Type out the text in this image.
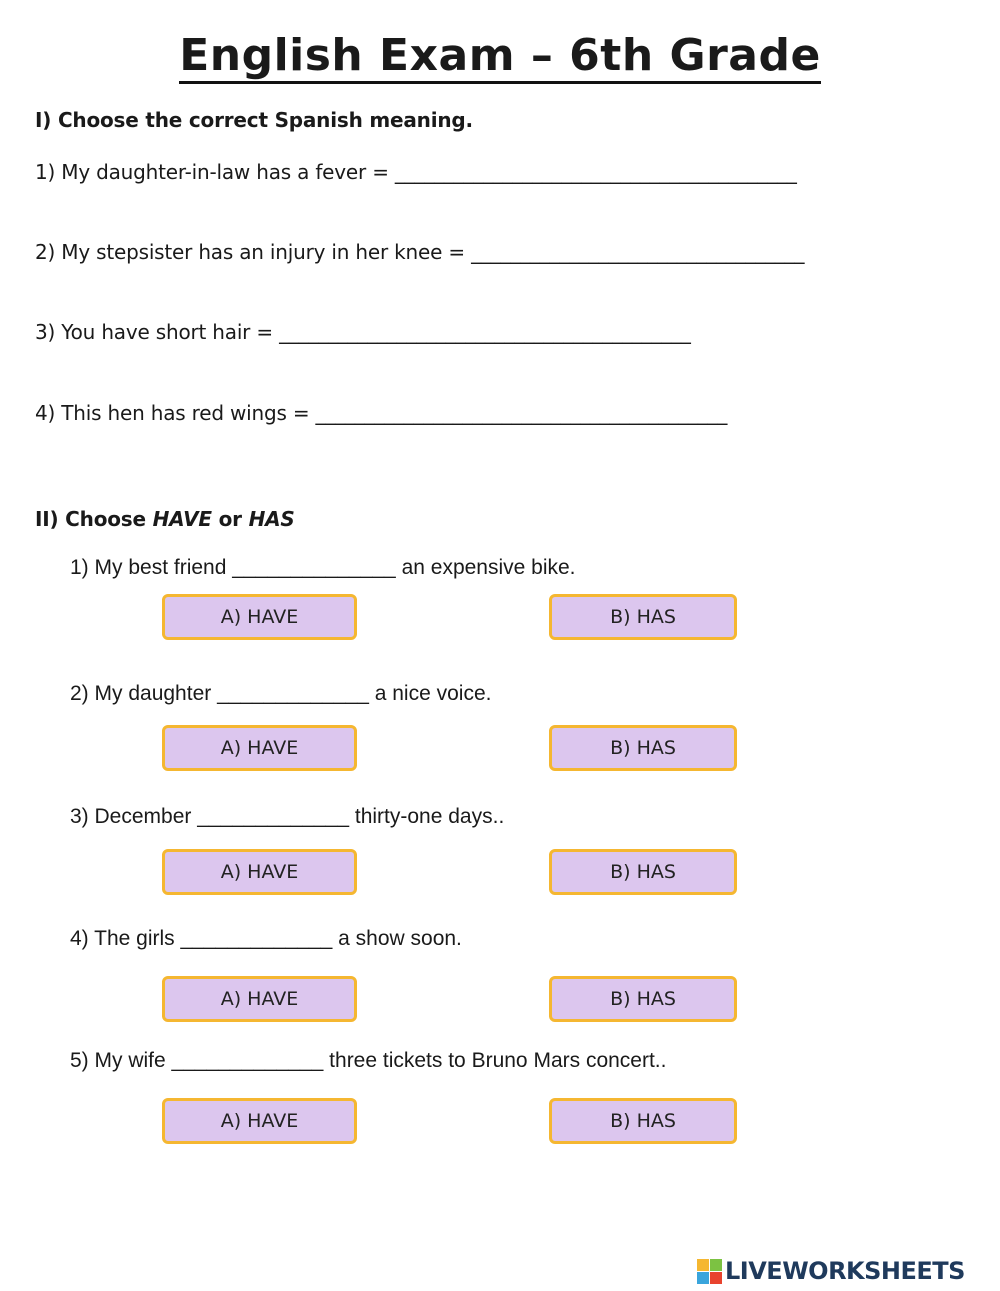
English Exam – 6th Grade
I) Choose the correct Spanish meaning.
1) My daughter-in-law has a fever = _________________________________________
2) My stepsister has an injury in her knee = __________________________________
3) You have short hair = __________________________________________
4) This hen has red wings = __________________________________________
II) Choose HAVE or HAS
1) My best friend ______________ an expensive bike.
A) HAVE	B) HAS
2) My daughter _____________ a nice voice.
A) HAVE	B) HAS
3) December _____________ thirty-one days..
A) HAVE	B) HAS
4) The girls _____________ a show soon.
A) HAVE	B) HAS
5) My wife _____________ three tickets to Bruno Mars concert..
A) HAVE	B) HAS
LIVEWORKSHEETS
